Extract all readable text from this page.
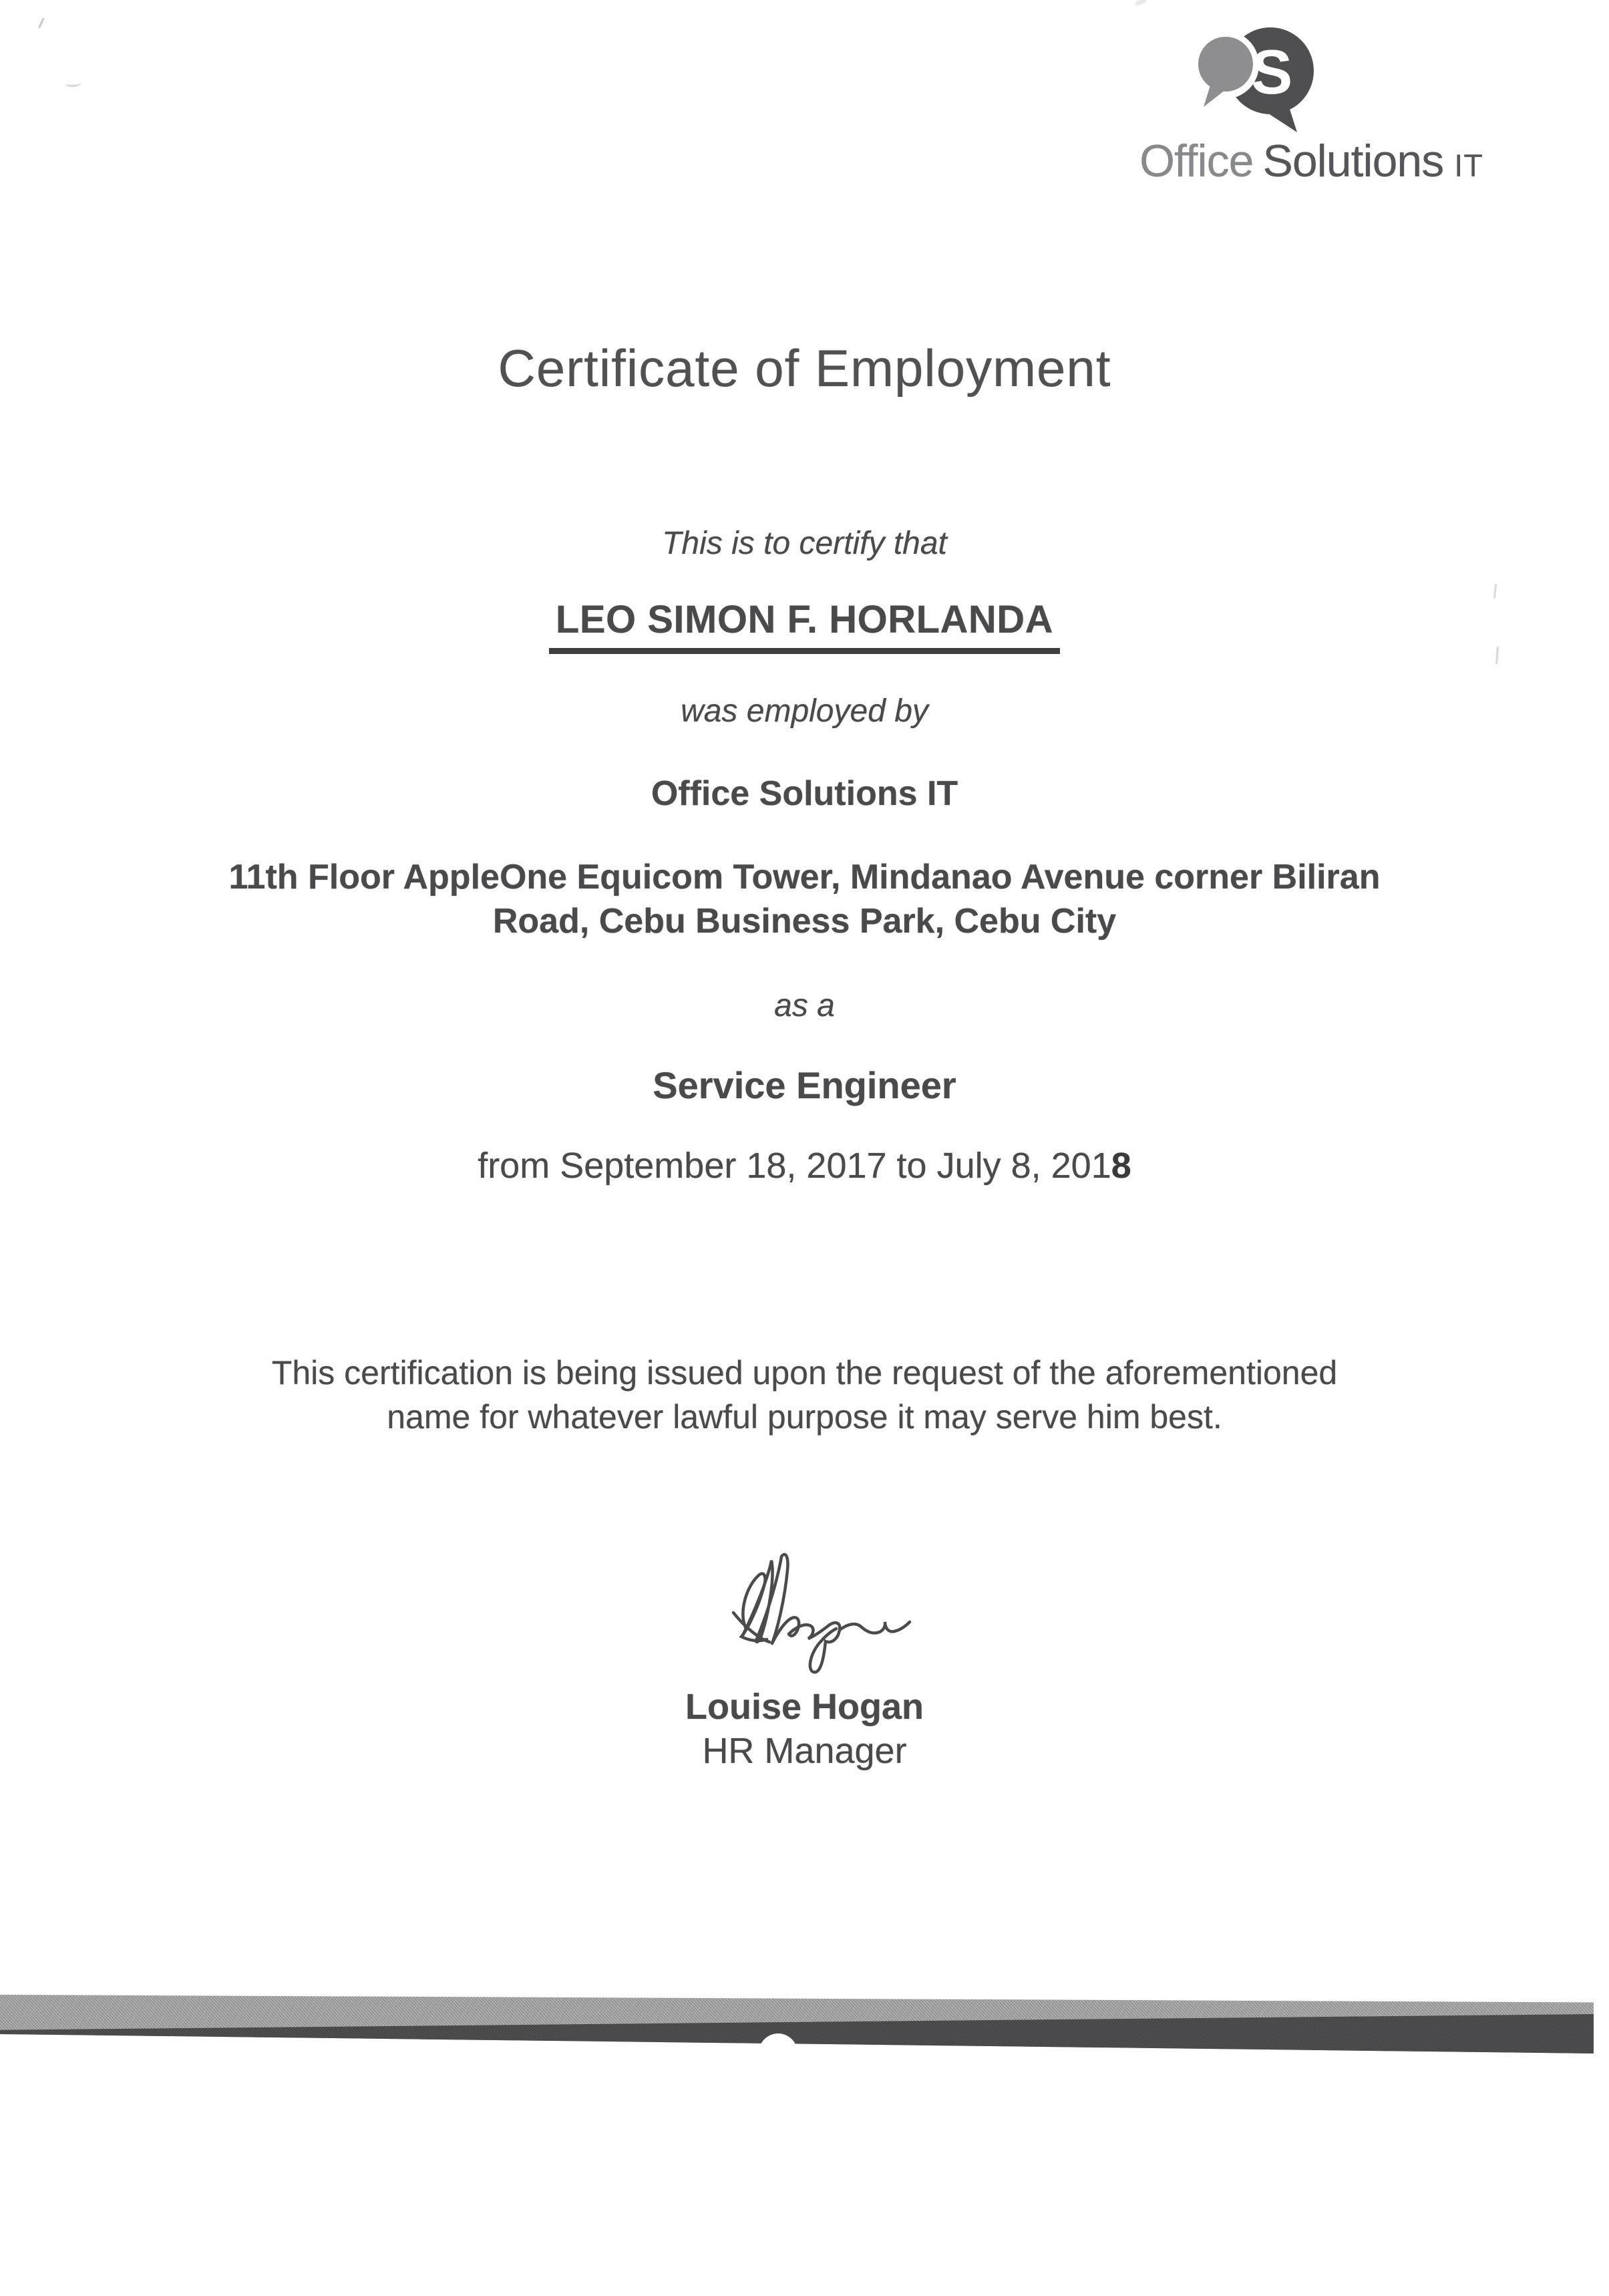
S
Office Solutions IT
Certificate of Employment
This is to certify that
LEO SIMON F. HORLANDA
was employed by
Office Solutions IT
11th Floor AppleOne Equicom Tower, Mindanao Avenue corner Biliran
Road, Cebu Business Park, Cebu City
as a
Service Engineer
from September 18, 2017 to July 8, 2018
This certification is being issued upon the request of the aforementioned
name for whatever lawful purpose it may serve him best.
Louise Hogan
HR Manager
